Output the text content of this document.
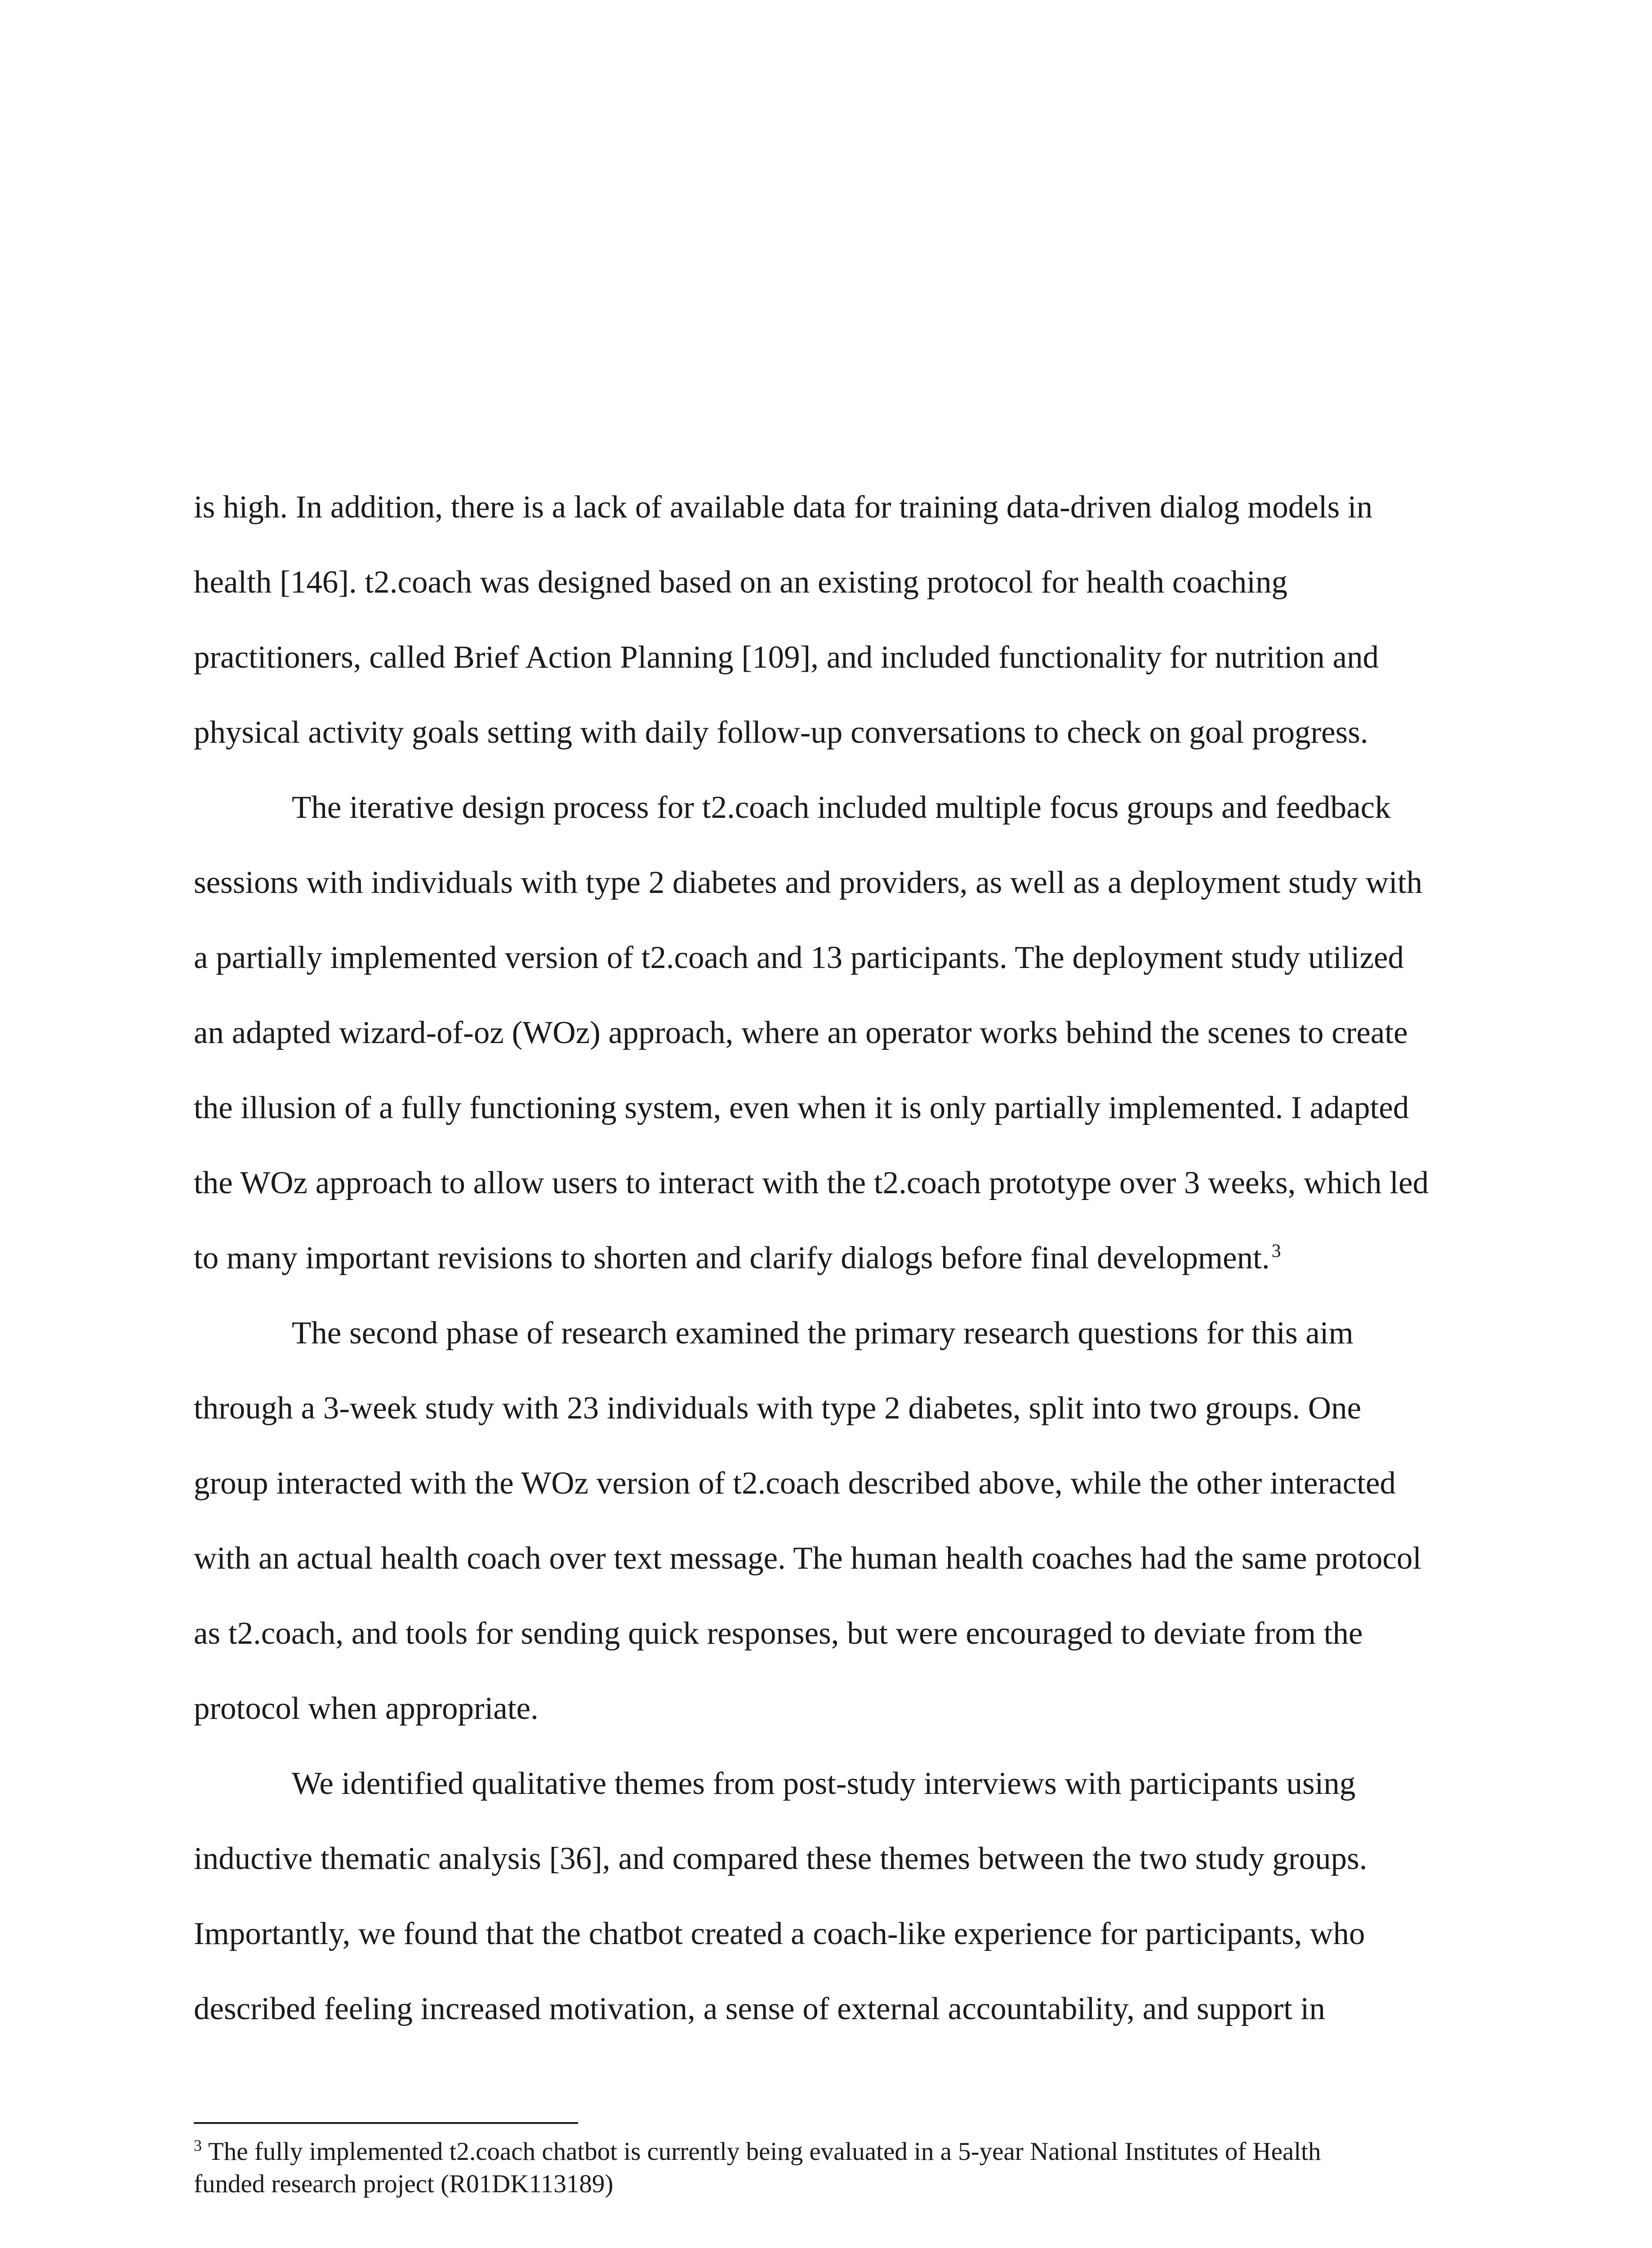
is high. In addition, there is a lack of available data for training data-driven dialog models in
health [146]. t2.coach was designed based on an existing protocol for health coaching
practitioners, called Brief Action Planning [109], and included functionality for nutrition and
physical activity goals setting with daily follow-up conversations to check on goal progress.
The iterative design process for t2.coach included multiple focus groups and feedback
sessions with individuals with type 2 diabetes and providers, as well as a deployment study with
a partially implemented version of t2.coach and 13 participants. The deployment study utilized
an adapted wizard-of-oz (WOz) approach, where an operator works behind the scenes to create
the illusion of a fully functioning system, even when it is only partially implemented. I adapted
the WOz approach to allow users to interact with the t2.coach prototype over 3 weeks, which led
to many important revisions to shorten and clarify dialogs before final development.$^3$
The second phase of research examined the primary research questions for this aim
through a 3-week study with 23 individuals with type 2 diabetes, split into two groups. One
group interacted with the WOz version of t2.coach described above, while the other interacted
with an actual health coach over text message. The human health coaches had the same protocol
as t2.coach, and tools for sending quick responses, but were encouraged to deviate from the
protocol when appropriate.
We identified qualitative themes from post-study interviews with participants using
inductive thematic analysis [36], and compared these themes between the two study groups.
Importantly, we found that the chatbot created a coach-like experience for participants, who
described feeling increased motivation, a sense of external accountability, and support in
$^3$ The fully implemented t2.coach chatbot is currently being evaluated in a 5-year National Institutes of Health
funded research project (R01DK113189)
